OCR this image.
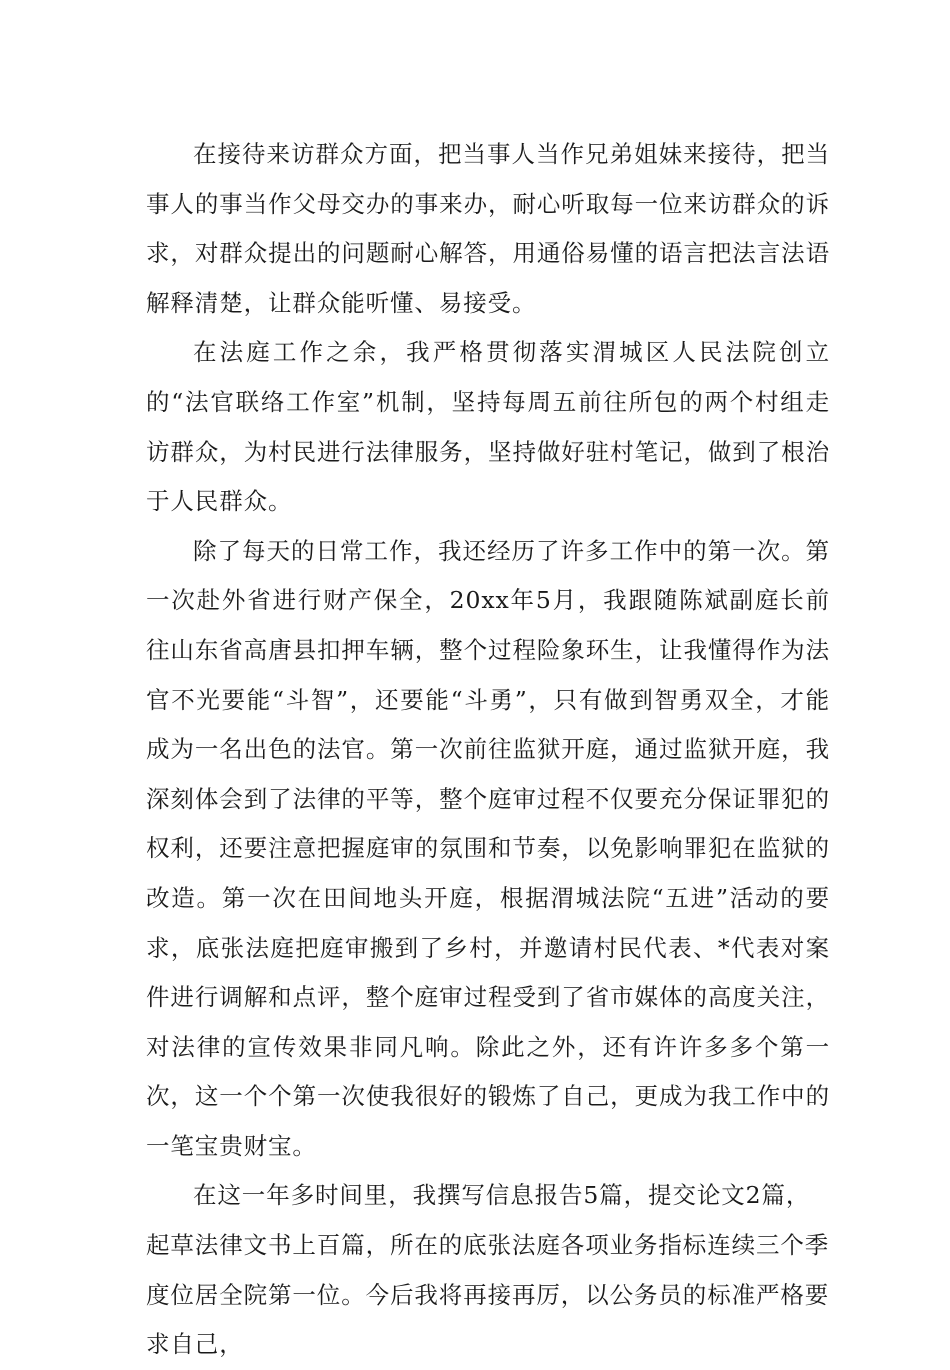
在接待来访群众方面，把当事人当作兄弟姐妹来接待，把当事人的事当作父母交办的事来办，耐心听取每一位来访群众的诉求，对群众提出的问题耐心解答，用通俗易懂的语言把法言法语解释清楚，让群众能听懂、易接受。

在法庭工作之余，我严格贯彻落实渭城区人民法院创立的“法官联络工作室”机制，坚持每周五前往所包的两个村组走访群众，为村民进行法律服务，坚持做好驻村笔记，做到了根治于人民群众。

除了每天的日常工作，我还经历了许多工作中的第一次。第一次赴外省进行财产保全，20xx年5月，我跟随陈斌副庭长前往山东省高唐县扣押车辆，整个过程险象环生，让我懂得作为法官不光要能“斗智”，还要能“斗勇”，只有做到智勇双全，才能成为一名出色的法官。第一次前往监狱开庭，通过监狱开庭，我深刻体会到了法律的平等，整个庭审过程不仅要充分保证罪犯的权利，还要注意把握庭审的氛围和节奏，以免影响罪犯在监狱的改造。第一次在田间地头开庭，根据渭城法院“五进”活动的要求，底张法庭把庭审搬到了乡村，并邀请村民代表、*代表对案件进行调解和点评，整个庭审过程受到了省市媒体的高度关注，对法律的宣传效果非同凡响。除此之外，还有许许多多个第一次，这一个个第一次使我很好的锻炼了自己，更成为我工作中的一笔宝贵财宝。

在这一年多时间里，我撰写信息报告5篇，提交论文2篇，起草法律文书上百篇，所在的底张法庭各项业务指标连续三个季度位居全院第一位。今后我将再接再厉，以公务员的标准严格要求自己，
